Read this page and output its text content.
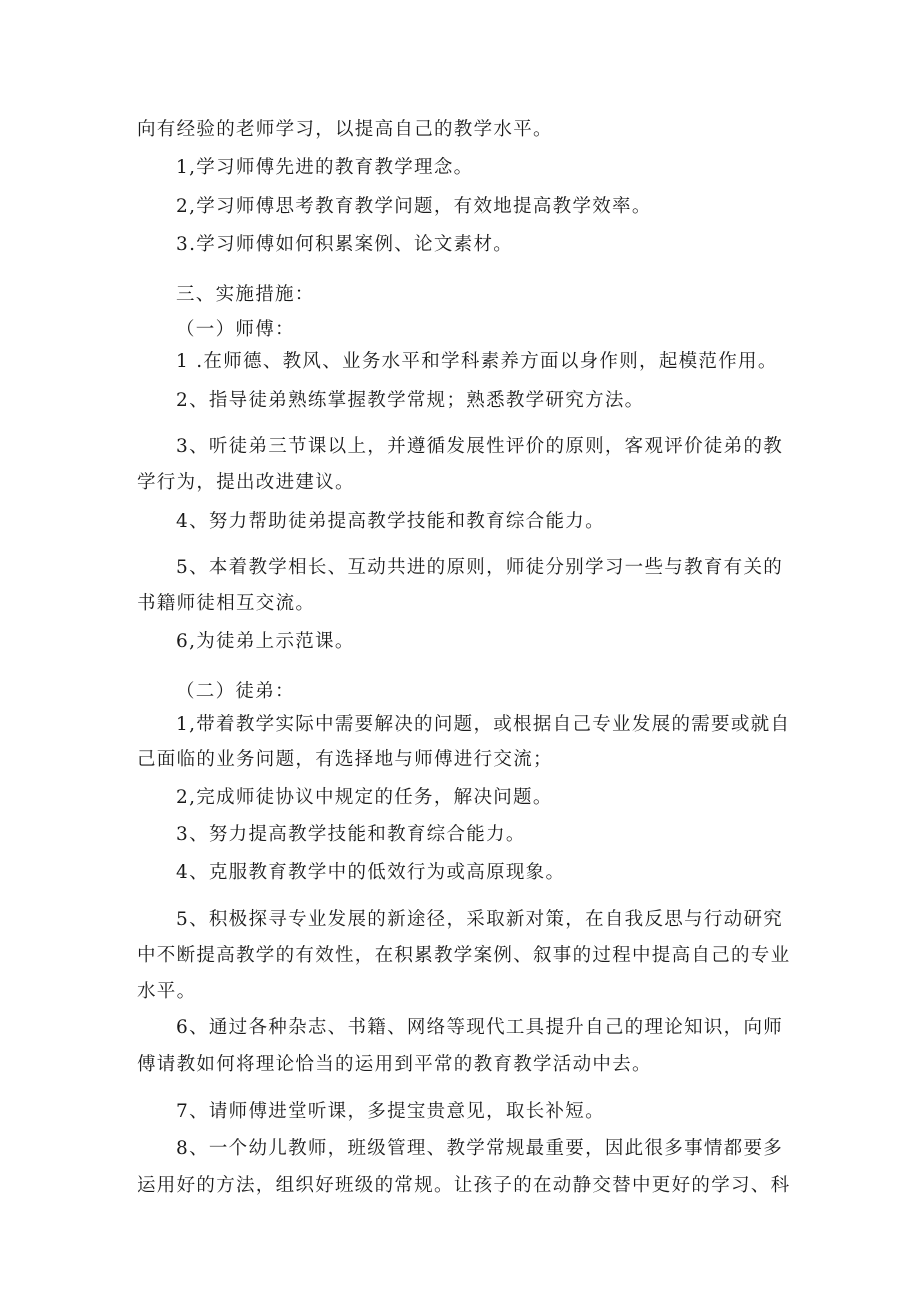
向有经验的老师学习，以提高自己的教学水平。
1,学习师傅先进的教育教学理念。
2,学习师傅思考教育教学问题，有效地提高教学效率。
3.学习师傅如何积累案例、论文素材。
三、实施措施：
（一）师傅：
1 .在师德、教风、业务水平和学科素养方面以身作则，起模范作用。
2、指导徒弟熟练掌握教学常规；熟悉教学研究方法。
3、听徒弟三节课以上，并遵循发展性评价的原则，客观评价徒弟的教
学行为，提出改进建议。
4、努力帮助徒弟提高教学技能和教育综合能力。
5、本着教学相长、互动共进的原则，师徒分别学习一些与教育有关的
书籍师徒相互交流。
6,为徒弟上示范课。
（二）徒弟：
1,带着教学实际中需要解决的问题，或根据自己专业发展的需要或就自
己面临的业务问题，有选择地与师傅进行交流；
2,完成师徒协议中规定的任务，解决问题。
3、努力提高教学技能和教育综合能力。
4、克服教育教学中的低效行为或高原现象。
5、积极探寻专业发展的新途径，采取新对策，在自我反思与行动研究
中不断提高教学的有效性，在积累教学案例、叙事的过程中提高自己的专业
水平。
6、通过各种杂志、书籍、网络等现代工具提升自己的理论知识，向师
傅请教如何将理论恰当的运用到平常的教育教学活动中去。
7、请师傅进堂听课，多提宝贵意见，取长补短。
8、一个幼儿教师，班级管理、教学常规最重要，因此很多事情都要多
运用好的方法，组织好班级的常规。让孩子的在动静交替中更好的学习、科
